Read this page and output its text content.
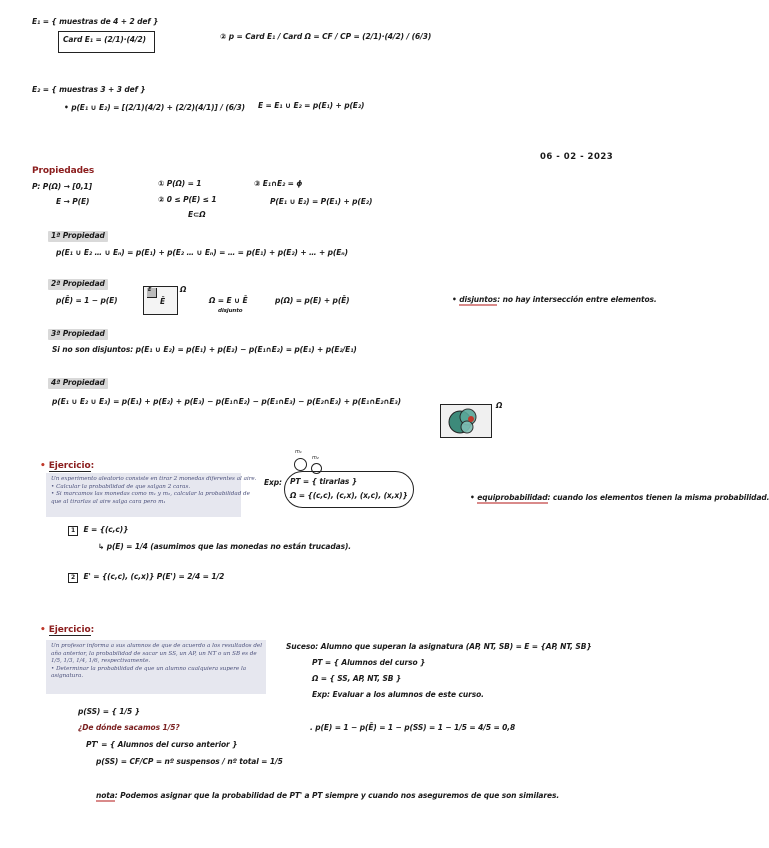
E₁ = { muestras de 4 + 2 def }
Card E₁ = (2/1)·(4/2)	② p = Card E₁ / Card Ω = CF / CP = (2/1)·(4/2) / (6/3)
E₂ = { muestras 3 + 3 def }
• p(E₁ ∪ E₂) = [(2/1)(4/2) + (2/2)(4/1)] / (6/3) E = E₁ ∪ E₂ = p(E₁) + p(E₂)
06 - 02 - 2023
Propiedades
P: P(Ω) → [0,1]
E → P(E)
① P(Ω) = 1
② 0 ≤ P(E) ≤ 1
E⊂Ω
③ E₁∩E₂ = ϕ
P(E₁ ∪ E₂) = P(E₁) + p(E₂)
1ª Propiedad
p(E₁ ∪ E₂ … ∪ Eₙ) = p(E₁) + p(E₂ … ∪ Eₙ) = … = p(E₁) + p(E₂) + … + p(Eₙ)
2ª Propiedad
p(Ē) = 1 − p(E)
E
Ē
Ω
Ω = E ∪ Ē
disjunto
p(Ω) = p(E) + p(Ē)	• disjuntos: no hay intersección entre elementos.
3ª Propiedad
Si no son disjuntos: p(E₁ ∪ E₂) = p(E₁) + p(E₂) − p(E₁∩E₂) = p(E₁) + p(E₂/E₁)
4ª Propiedad
p(E₁ ∪ E₂ ∪ E₃) = p(E₁) + p(E₂) + p(E₃) − p(E₁∩E₂) − p(E₁∩E₃) − p(E₂∩E₃) + p(E₁∩E₂∩E₃)	Ω
• Ejercicio:
Un experimento aleatorio consiste en tirar 2 monedas diferentes al aire.
• Calcular la probabilidad de que salgan 2 caras.
• Si marcamos las monedas como m₁ y m₂, calcular la probabilidad de
que al tirarlas al aire salga cara pero m₁
Exp:
m₁
m₂
PT = { tirarlas }
Ω = {(c,c), (c,x), (x,c), (x,x)}	• equiprobabilidad: cuando los elementos tienen la misma probabilidad.
1 E = {(c,c)}
↳ p(E) = 1/4 (asumimos que las monedas no están trucadas).
2 E' = {(c,c), (c,x)} P(E') = 2/4 = 1/2
• Ejercicio:
Un profesor informa a sus alumnos de que de acuerdo a los resultados del
año anterior, la probabilidad de sacar un SS, un AP, un NT o un SB es de
1/5, 1/3, 1/4, 1/6, respectivamente.
• Determinar la probabilidad de que un alumno cualquiera supere la
asignatura.
Suceso: Alumno que superan la asignatura (AP, NT, SB) = E = {AP, NT, SB}
PT = { Alumnos del curso }
Ω = { SS, AP, NT, SB }
Exp: Evaluar a los alumnos de este curso.
p(SS) = { 1/5 }
¿De dónde sacamos 1/5?	. p(E) = 1 − p(Ē) = 1 − p(SS) = 1 − 1/5 = 4/5 = 0,8
PT' = { Alumnos del curso anterior }
p(SS) = CF/CP = nº suspensos / nº total = 1/5
nota: Podemos asignar que la probabilidad de PT' a PT siempre y cuando nos aseguremos de que son similares.
